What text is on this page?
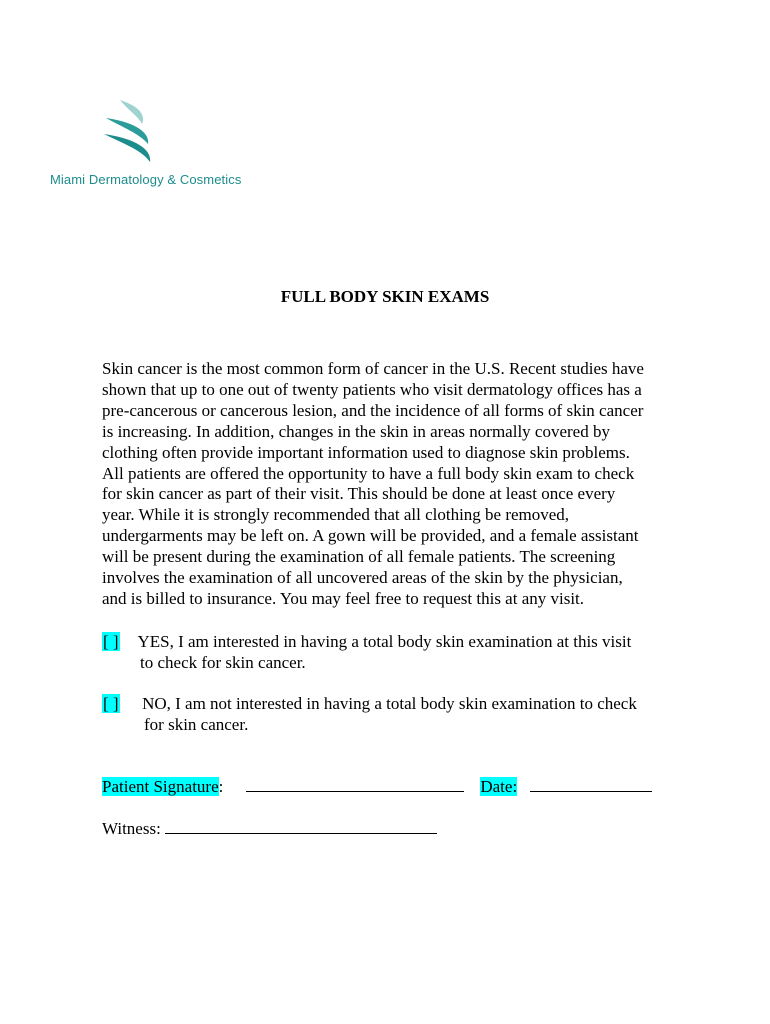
Miami Dermatology & Cosmetics
FULL BODY SKIN EXAMS

Skin cancer is the most common form of cancer in the U.S. Recent studies have
shown that up to one out of twenty patients who visit dermatology offices has a
pre-cancerous or cancerous lesion, and the incidence of all forms of skin cancer
is increasing. In addition, changes in the skin in areas normally covered by
clothing often provide important information used to diagnose skin problems.
All patients are offered the opportunity to have a full body skin exam to check
for skin cancer as part of their visit. This should be done at least once every
year. While it is strongly recommended that all clothing be removed,
undergarments may be left on. A gown will be provided, and a female assistant
will be present during the examination of all female patients. The screening
involves the examination of all uncovered areas of the skin by the physician,
and is billed to insurance. You may feel free to request this at any visit.

[ ] YES, I am interested in having a total body skin examination at this visit
to check for skin cancer.
[ ] NO, I am not interested in having a total body skin examination to check
for skin cancer.
Patient Signature:	Date:
Witness:
